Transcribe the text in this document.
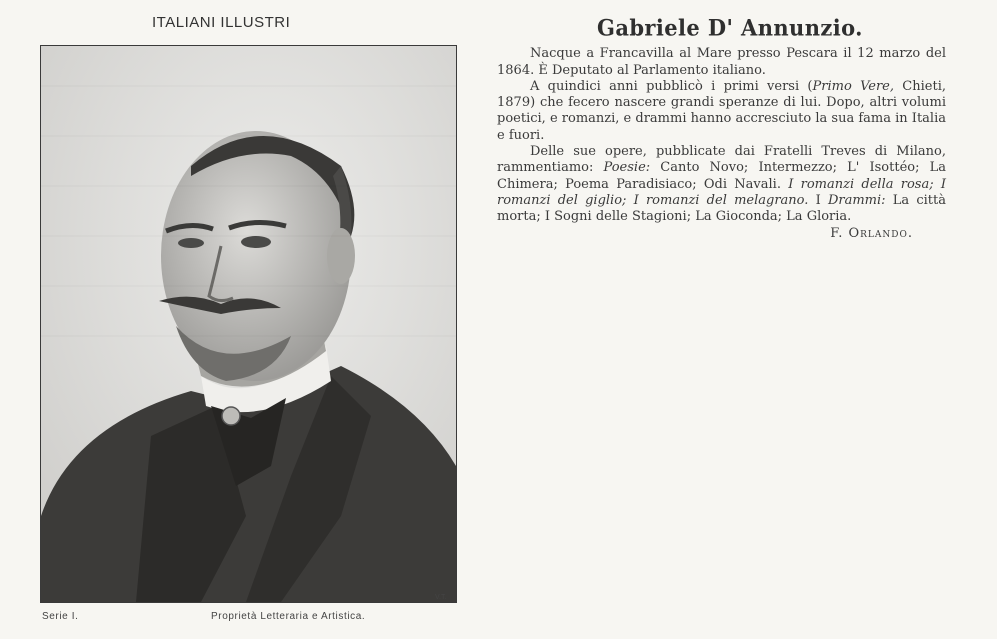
ITALIANI ILLUSTRI
V.T.
Serie I.	Proprietà Letteraria e Artistica.
Gabriele D' Annunzio.

Nacque a Francavilla al Mare presso Pescara il 12 marzo del 1864. È Deputato al Parlamento italiano.

A quindici anni pubblicò i primi versi (Primo Vere, Chieti, 1879) che fecero nascere grandi speranze di lui. Dopo, altri volumi poetici, e romanzi, e drammi hanno accresciuto la sua fama in Italia e fuori.

Delle sue opere, pubblicate dai Fratelli Treves di Milano, rammentiamo: Poesie: Canto Novo; Intermezzo; L' Isottéo; La Chimera; Poema Paradisiaco; Odi Navali. I romanzi della rosa; I romanzi del giglio; I romanzi del melagrano. I Drammi: La città morta; I Sogni delle Stagioni; La Gioconda; La Gloria.

F. Orlando.
